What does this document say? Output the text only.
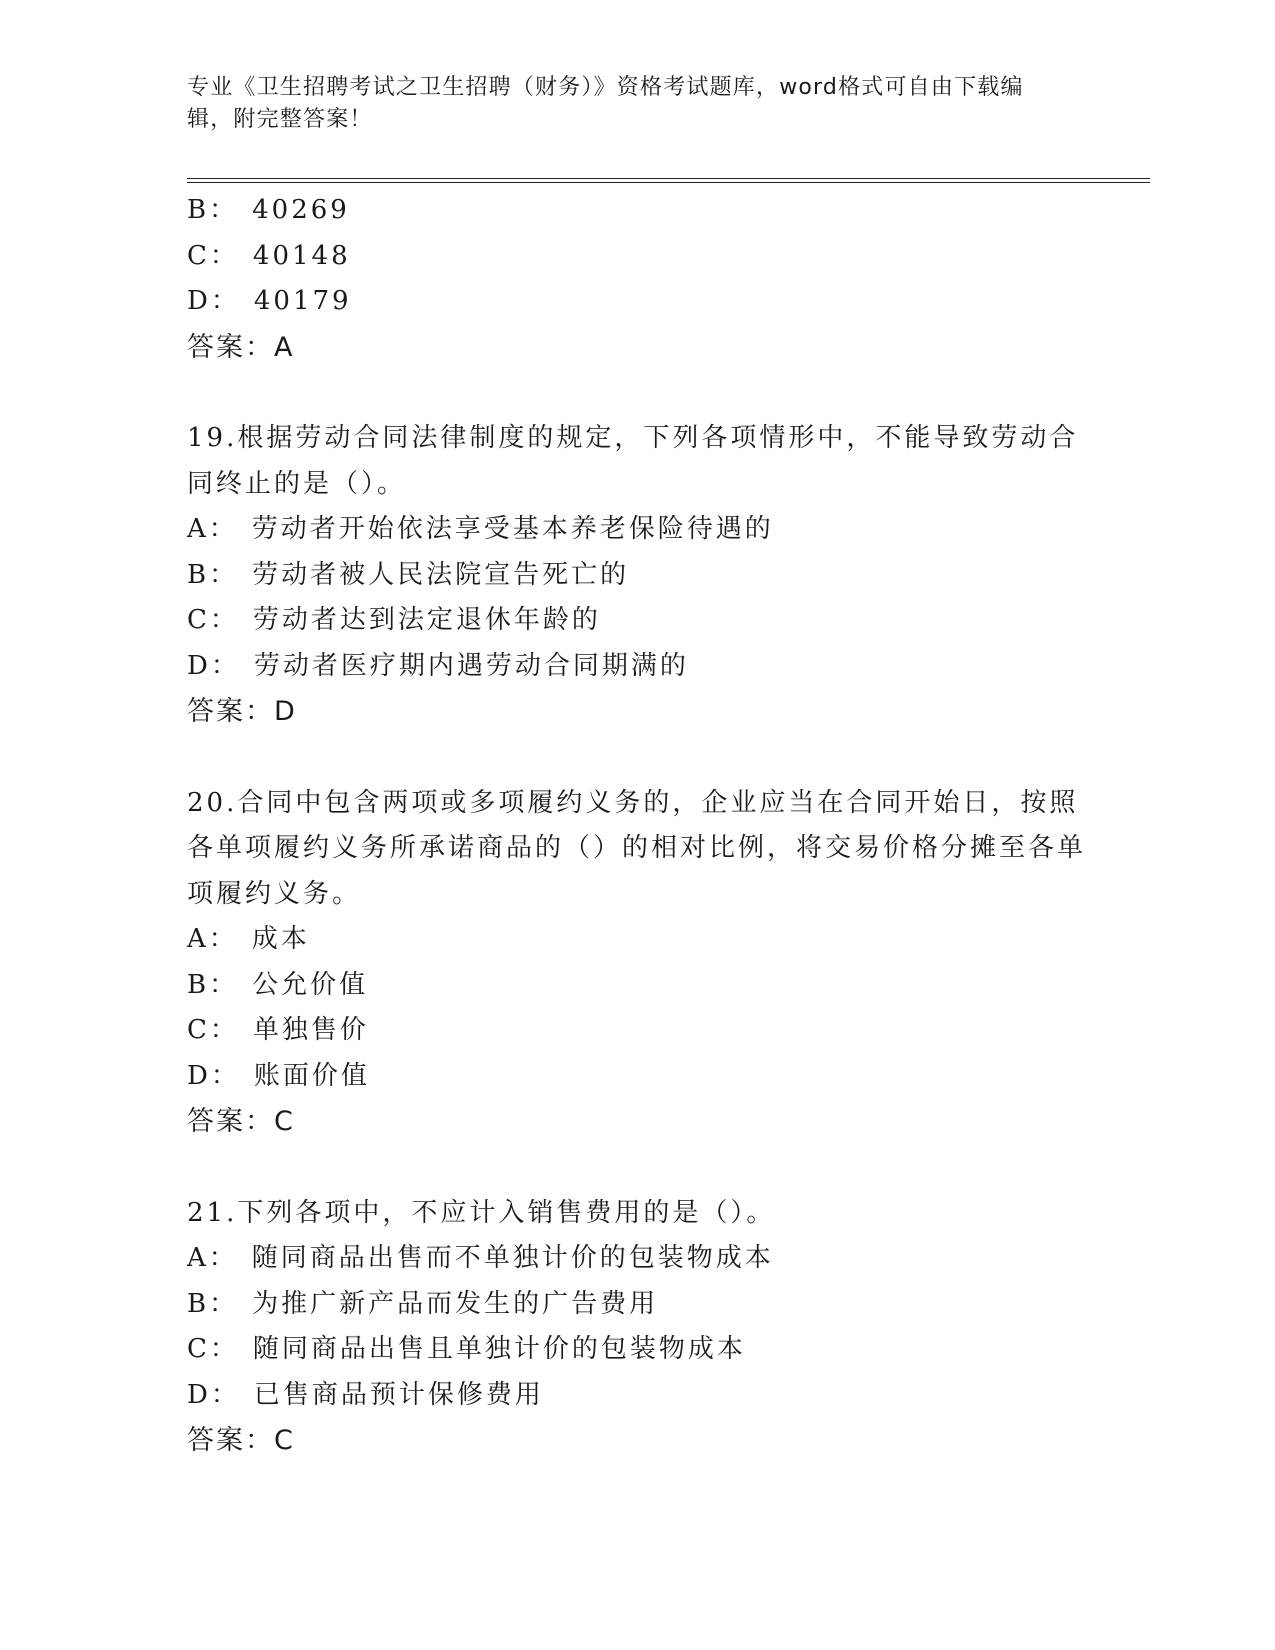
专业《卫生招聘考试之卫生招聘（财务）》资格考试题库，word格式可自由下载编辑，附完整答案！
B： 40269
C： 40148
D： 40179
答案：A
19.根据劳动合同法律制度的规定，下列各项情形中，不能导致劳动合同终止的是（）。
A： 劳动者开始依法享受基本养老保险待遇的
B： 劳动者被人民法院宣告死亡的
C： 劳动者达到法定退休年龄的
D： 劳动者医疗期内遇劳动合同期满的
答案：D
20.合同中包含两项或多项履约义务的，企业应当在合同开始日，按照各单项履约义务所承诺商品的（）的相对比例，将交易价格分摊至各单项履约义务。
A： 成本
B： 公允价值
C： 单独售价
D： 账面价值
答案：C
21.下列各项中，不应计入销售费用的是（）。
A： 随同商品出售而不单独计价的包装物成本
B： 为推广新产品而发生的广告费用
C： 随同商品出售且单独计价的包装物成本
D： 已售商品预计保修费用
答案：C
